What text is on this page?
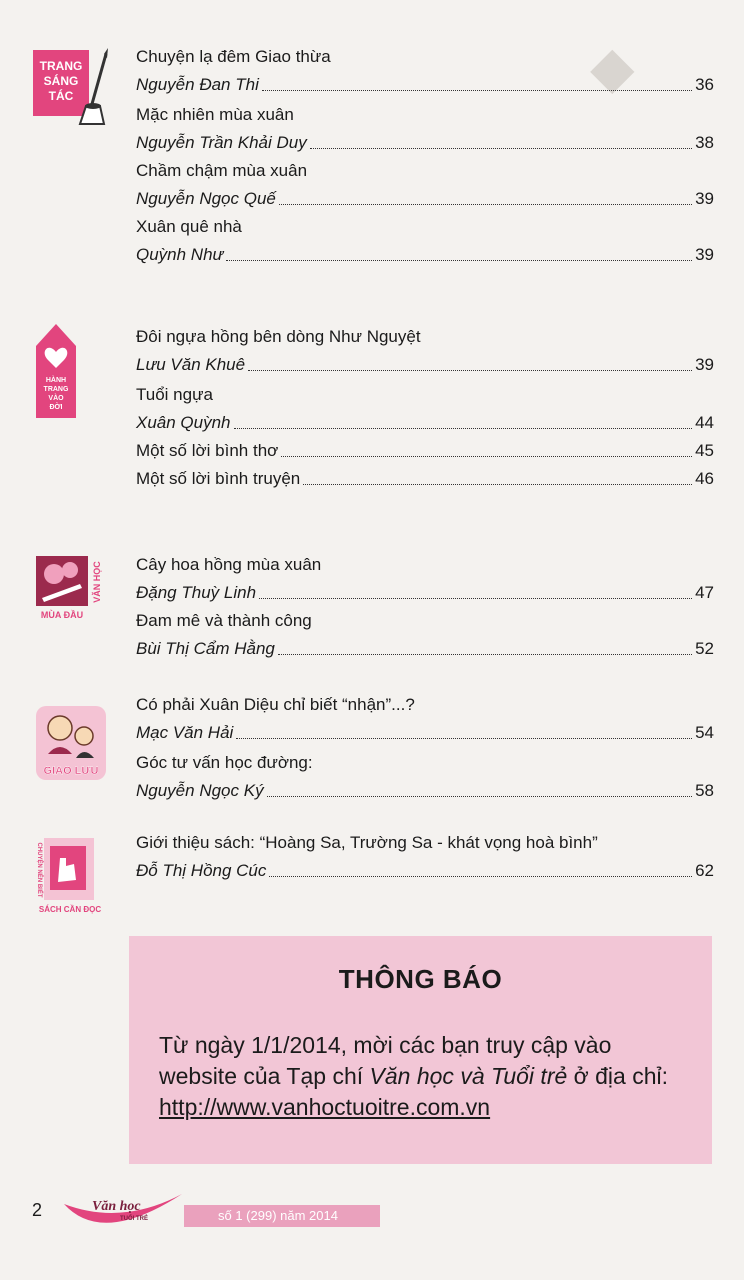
◆
TRANG
SÁNG
TÁC
Chuyện lạ đêm Giao thừa
Nguyễn Đan Thi	36
Mặc nhiên mùa xuân
Nguyễn Trần Khải Duy	38
Chầm chậm mùa xuân
Nguyễn Ngọc Quế	39
Xuân quê nhà
Quỳnh Như	39
HÀNH
TRANG
VÀO
ĐỜI
Đôi ngựa hồng bên dòng Như Nguyệt
Lưu Văn Khuê	39
Tuổi ngựa
Xuân Quỳnh	44
Một số lời bình thơ	45
Một số lời bình truyện	46
MÙA ĐẦU
VĂN HỌC Cây hoa hồng mùa xuân
Đặng Thuỳ Linh	47
Đam mê và thành công
Bùi Thị Cẩm Hằng	52
GIAO LƯU
Có phải Xuân Diệu chỉ biết “nhận”...?
Mạc Văn Hải	54
Góc tư vấn học đường:
Nguyễn Ngọc Ký	58
CHUYỆN NÊN BIẾT
SÁCH CẦN ĐỌC
Giới thiệu sách: “Hoàng Sa, Trường Sa - khát vọng hoà bình”
Đỗ Thị Hồng Cúc	62
THÔNG BÁO
Từ ngày 1/1/2014, mời các bạn truy cập vào
website của Tạp chí Văn học và Tuổi trẻ ở địa chỉ:
http://www.vanhoctuoitre.com.vn
2	Văn học
TUỔI TRẺ	số 1 (299) năm 2014
